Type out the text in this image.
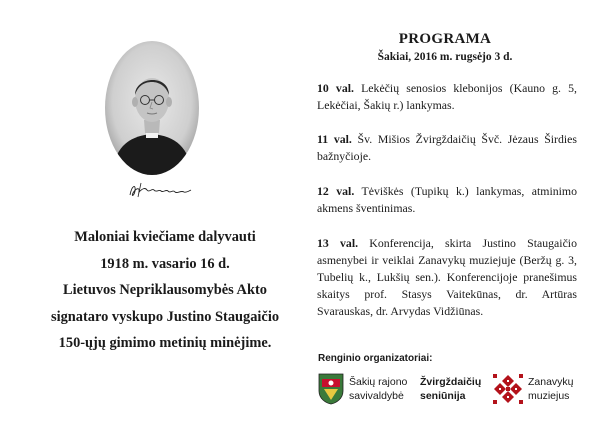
Maloniai kviečiame dalyvauti
1918 m. vasario 16 d.
Lietuvos Nepriklausomybės Akto
signataro vyskupo Justino Staugaičio
150-ųjų gimimo metinių minėjime.
PROGRAMA
Šakiai, 2016 m. rugsėjo 3 d.
10 val. Lekėčių senosios klebonijos (Kauno g. 5, Lekėčiai, Šakių r.) lankymas.
11 val. Šv. Mišios Žvirgždaičių Švč. Jėzaus Širdies bažnyčioje.
12 val. Tėviškės (Tupikų k.) lankymas, atminimo akmens šventinimas.
13 val. Konferencija, skirta Justino Staugaičio asmenybei ir veiklai Zanavykų muziejuje (Beržų g. 3, Tubelių k., Lukšių sen.). Konferencijoje pranešimus skaitys prof. Stasys Vaitekūnas, dr. Artūras Svarauskas, dr. Arvydas Vidžiūnas.
Renginio organizatoriai:
Šakių rajono
savivaldybė
Žvirgždaičių
seniūnija
Zanavykų
muziejus
